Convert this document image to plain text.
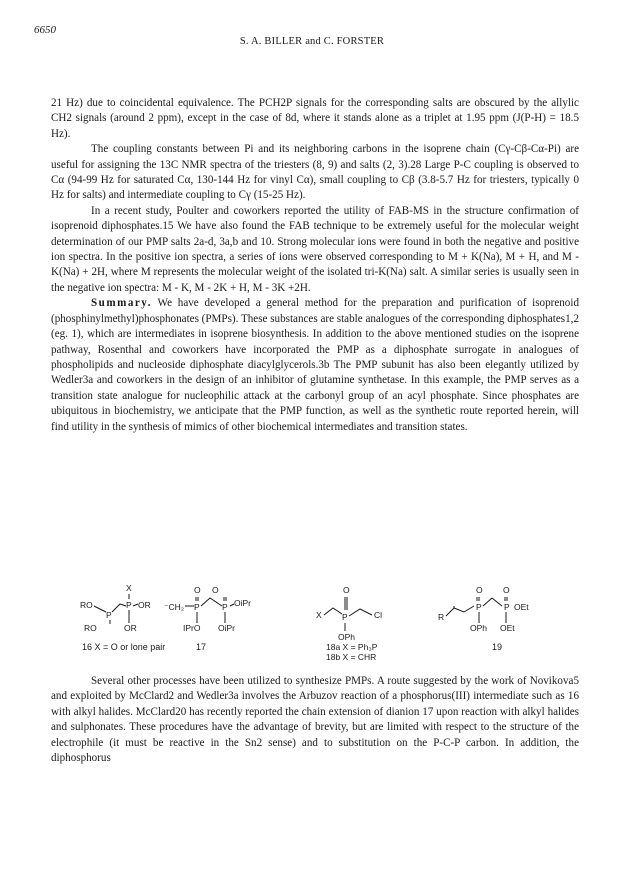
6650
S. A. BILLER and C. FORSTER

21 Hz) due to coincidental equivalence. The PCH2P signals for the corresponding salts are obscured by the allylic CH2 signals (around 2 ppm), except in the case of 8d, where it stands alone as a triplet at 1.95 ppm (J(P-H) = 18.5 Hz).

The coupling constants between Pi and its neighboring carbons in the isoprene chain (Cγ-Cβ-Cα-Pi) are useful for assigning the 13C NMR spectra of the triesters (8, 9) and salts (2, 3).28 Large P-C coupling is observed to Cα (94-99 Hz for saturated Cα, 130-144 Hz for vinyl Cα), small coupling to Cβ (3.8-5.7 Hz for triesters, typically 0 Hz for salts) and intermediate coupling to Cγ (15-25 Hz).

In a recent study, Poulter and coworkers reported the utility of FAB-MS in the structure confirmation of isoprenoid diphosphates.15 We have also found the FAB technique to be extremely useful for the molecular weight determination of our PMP salts 2a-d, 3a,b and 10. Strong molecular ions were found in both the negative and positive ion spectra. In the positive ion spectra, a series of ions were observed corresponding to M + K(Na), M + H, and M - K(Na) + 2H, where M represents the molecular weight of the isolated tri-K(Na) salt. A similar series is usually seen in the negative ion spectra: M - K, M - 2K + H, M - 3K +2H.

Summary. We have developed a general method for the preparation and purification of isoprenoid (phosphinylmethyl)phosphonates (PMPs). These substances are stable analogues of the corresponding diphosphates1,2 (eg. 1), which are intermediates in isoprene biosynthesis. In addition to the above mentioned studies on the isoprene pathway, Rosenthal and coworkers have incorporated the PMP as a diphosphate surrogate in analogues of phospholipids and nucleoside diphosphate diacylglycerols.3b The PMP subunit has also been elegantly utilized by Wedler3a and coworkers in the design of an inhibitor of glutamine synthetase. In this example, the PMP serves as a transition state analogue for nucleophilic attack at the carbonyl group of an acyl phosphate. Since phosphates are ubiquitous in biochemistry, we anticipate that the PMP function, as well as the synthetic route reported herein, will find utility in the synthesis of mimics of other biochemical intermediates and transition states.

RO
P
RO
X
P OR
OR
⁻CH₂ P
O O
P OiPr
IPrO OiPr
X P
O
Cl
OPh
R
P
O O
P OEt
OPh OEt
16 X = O or lone pair	17	18a X = Ph₃P
18b X = CHR
19

Several other processes have been utilized to synthesize PMPs. A route suggested by the work of Novikova5 and exploited by McClard2 and Wedler3a involves the Arbuzov reaction of a phosphorus(III) intermediate such as 16 with alkyl halides. McClard20 has recently reported the chain extension of dianion 17 upon reaction with alkyl halides and sulphonates. These procedures have the advantage of brevity, but are limited with respect to the structure of the electrophile (it must be reactive in the Sn2 sense) and to substitution on the P-C-P carbon. In addition, the diphosphorus
